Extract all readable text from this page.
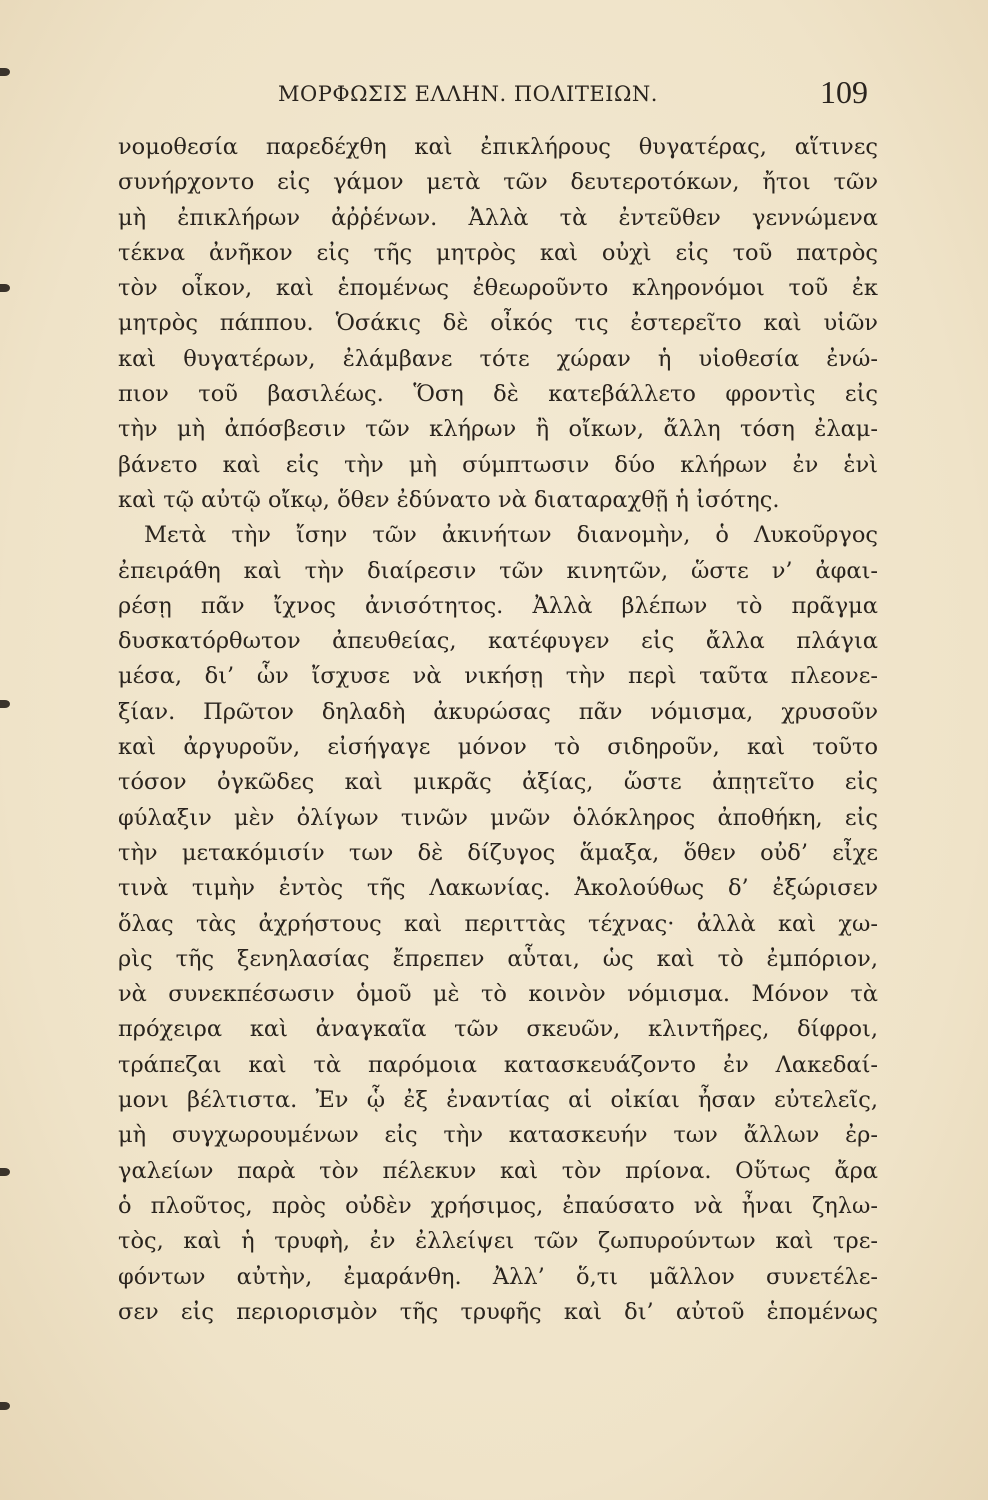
ΜΟΡΦΩΣΙΣ ΕΛΛΗΝ. ΠΟΛΙΤΕΙΩΝ.	109
νομοθεσία παρεδέχθη καὶ ἐπικλήρους θυγατέρας, αἵτινες
συνήρχοντο εἰς γάμον μετὰ τῶν δευτεροτόκων, ἤτοι τῶν
μὴ ἐπικλήρων ἀῤῥένων. Ἀλλὰ τὰ ἐντεῦθεν γεννώμενα
τέκνα ἀνῆκον εἰς τῆς μητρὸς καὶ οὐχὶ εἰς τοῦ πατρὸς
τὸν οἶκον, καὶ ἑπομένως ἐθεωροῦντο κληρονόμοι τοῦ ἐκ
μητρὸς πάππου. Ὁσάκις δὲ οἶκός τις ἐστερεῖτο καὶ υἱῶν
καὶ θυγατέρων, ἐλάμβανε τότε χώραν ἡ υἱοθεσία ἐνώ-
πιον τοῦ βασιλέως. Ὅση δὲ κατεβάλλετο φροντὶς εἰς
τὴν μὴ ἀπόσβεσιν τῶν κλήρων ἢ οἴκων, ἄλλη τόση ἐλαμ-
βάνετο καὶ εἰς τὴν μὴ σύμπτωσιν δύο κλήρων ἐν ἑνὶ
καὶ τῷ αὐτῷ οἴκῳ, ὅθεν ἐδύνατο νὰ διαταραχθῇ ἡ ἰσότης.
Μετὰ τὴν ἴσην τῶν ἀκινήτων διανομὴν, ὁ Λυκοῦργος
ἐπειράθη καὶ τὴν διαίρεσιν τῶν κινητῶν, ὥστε ν’ ἀφαι-
ρέσῃ πᾶν ἴχνος ἀνισότητος. Ἀλλὰ βλέπων τὸ πρᾶγμα
δυσκατόρθωτον ἀπευθείας, κατέφυγεν εἰς ἄλλα πλάγια
μέσα, δι’ ὧν ἴσχυσε νὰ νικήσῃ τὴν περὶ ταῦτα πλεονε-
ξίαν. Πρῶτον δηλαδὴ ἀκυρώσας πᾶν νόμισμα, χρυσοῦν
καὶ ἀργυροῦν, εἰσήγαγε μόνον τὸ σιδηροῦν, καὶ τοῦτο
τόσον ὀγκῶδες καὶ μικρᾶς ἀξίας, ὥστε ἀπῃτεῖτο εἰς
φύλαξιν μὲν ὀλίγων τινῶν μνῶν ὁλόκληρος ἀποθήκη, εἰς
τὴν μετακόμισίν των δὲ δίζυγος ἅμαξα, ὅθεν οὐδ’ εἶχε
τινὰ τιμὴν ἐντὸς τῆς Λακωνίας. Ἀκολούθως δ’ ἐξώρισεν
ὅλας τὰς ἀχρήστους καὶ περιττὰς τέχνας· ἀλλὰ καὶ χω-
ρὶς τῆς ξενηλασίας ἔπρεπεν αὗται, ὡς καὶ τὸ ἐμπόριον,
νὰ συνεκπέσωσιν ὁμοῦ μὲ τὸ κοινὸν νόμισμα. Μόνον τὰ
πρόχειρα καὶ ἀναγκαῖα τῶν σκευῶν, κλιντῆρες, δίφροι,
τράπεζαι καὶ τὰ παρόμοια κατασκευάζοντο ἐν Λακεδαί-
μονι βέλτιστα. Ἐν ᾧ ἐξ ἐναντίας αἱ οἰκίαι ἦσαν εὐτελεῖς,
μὴ συγχωρουμένων εἰς τὴν κατασκευήν των ἄλλων ἐρ-
γαλείων παρὰ τὸν πέλεκυν καὶ τὸν πρίονα. Οὕτως ἄρα
ὁ πλοῦτος, πρὸς οὐδὲν χρήσιμος, ἐπαύσατο νὰ ἦναι ζηλω-
τὸς, καὶ ἡ τρυφὴ, ἐν ἐλλείψει τῶν ζωπυρούντων καὶ τρε-
φόντων αὐτὴν, ἐμαράνθη. Ἀλλ’ ὅ,τι μᾶλλον συνετέλε-
σεν εἰς περιορισμὸν τῆς τρυφῆς καὶ δι’ αὐτοῦ ἑπομένως
